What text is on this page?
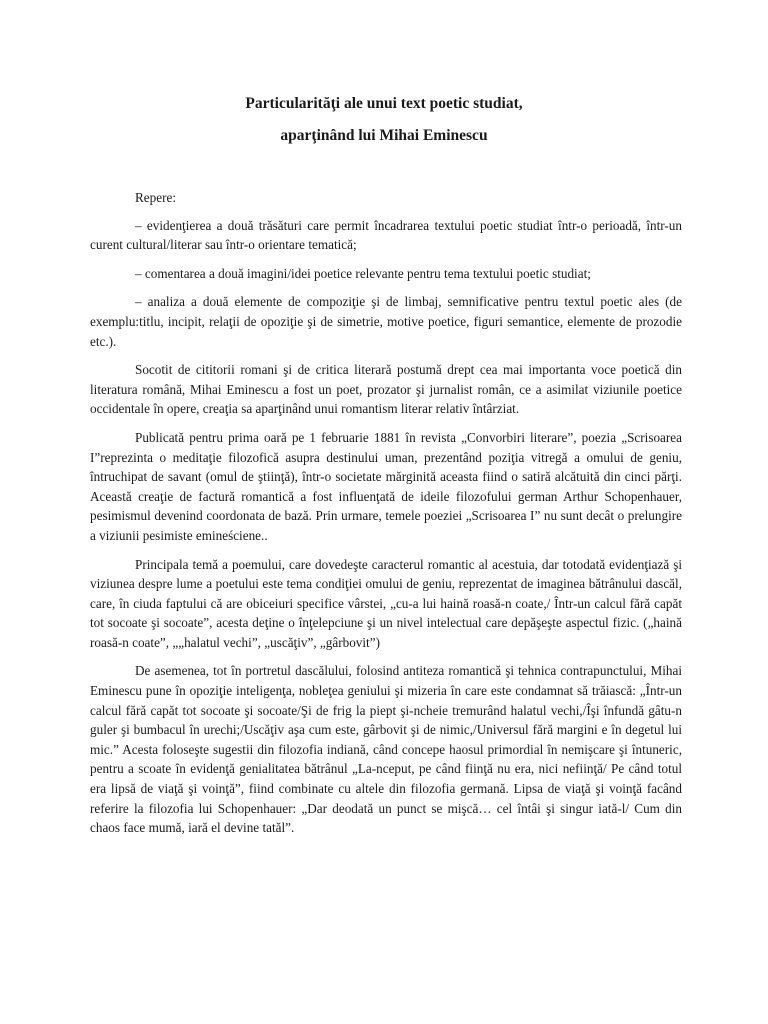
Particularităţi ale unui text poetic studiat,
aparţinând lui Mihai Eminescu

Repere:

– evidenţierea a două trăsături care permit încadrarea textului poetic studiat într-o perioadă, într-un curent cultural/literar sau într-o orientare tematică;

– comentarea a două imagini/idei poetice relevante pentru tema textului poetic studiat;

– analiza a două elemente de compoziţie şi de limbaj, semnificative pentru textul poetic ales (de exemplu:titlu, incipit, relaţii de opoziţie şi de simetrie, motive poetice, figuri semantice, elemente de prozodie etc.).

Socotit de cititorii romani şi de critica literară postumă drept cea mai importanta voce poetică din literatura română, Mihai Eminescu a fost un poet, prozator şi jurnalist român, ce a asimilat viziunile poetice occidentale în opere, creaţia sa aparţinând unui romantism literar relativ întârziat.

Publicată pentru prima oară pe 1 februarie 1881 în revista „Convorbiri literare”, poezia „Scrisoarea I”reprezinta o meditaţie filozofică asupra destinului uman, prezentând poziţia vitregă a omului de geniu, întruchipat de savant (omul de ştiinţă), într-o societate mărginită aceasta fiind o satiră alcătuită din cinci părţi. Această creaţie de factură romantică a fost influenţată de ideile filozofului german Arthur Schopenhauer, pesimismul devenind coordonata de bază. Prin urmare, temele poeziei „Scrisoarea I” nu sunt decât o prelungire a viziunii pesimiste emineściene..

Principala temă a poemului, care dovedeşte caracterul romantic al acestuia, dar totodată evidenţiază şi viziunea despre lume a poetului este tema condiţiei omului de geniu, reprezentat de imaginea bătrânului dascăl, care, în ciuda faptului că are obiceiuri specifice vârstei, „cu-a lui haină roasă-n coate,/ Într-un calcul fără capăt tot socoate şi socoate”, acesta deţine o înţelepciune şi un nivel intelectual care depăşeşte aspectul fizic. („haină roasă-n coate”, „„halatul vechi”, „uscăţiv”, „gârbovit”)

De asemenea, tot în portretul dascălului, folosind antiteza romantică şi tehnica contrapunctului, Mihai Eminescu pune în opoziţie inteligenţa, nobleţea geniului şi mizeria în care este condamnat să trăiască: „Într-un calcul fără capăt tot socoate şi socoate/Şi de frig la piept şi-ncheie tremurând halatul vechi,/Îşi înfundă gâtu-n guler şi bumbacul în urechi;/Uscăţiv aşa cum este, gârbovit şi de nimic,/Universul fără margini e în degetul lui mic.” Acesta foloseşte sugestii din filozofia indiană, când concepe haosul primordial în nemişcare şi întuneric, pentru a scoate în evidenţă genialitatea bătrânul „La-nceput, pe când fiinţă nu era, nici nefiinţă/ Pe când totul era lipsă de viaţă şi voinţă”, fiind combinate cu altele din filozofia germană. Lipsa de viaţă şi voinţă facând referire la filozofia lui Schopenhauer: „Dar deodată un punct se mişcă… cel întâi şi singur iată-l/ Cum din chaos face mumă, iară el devine tatăl”.
